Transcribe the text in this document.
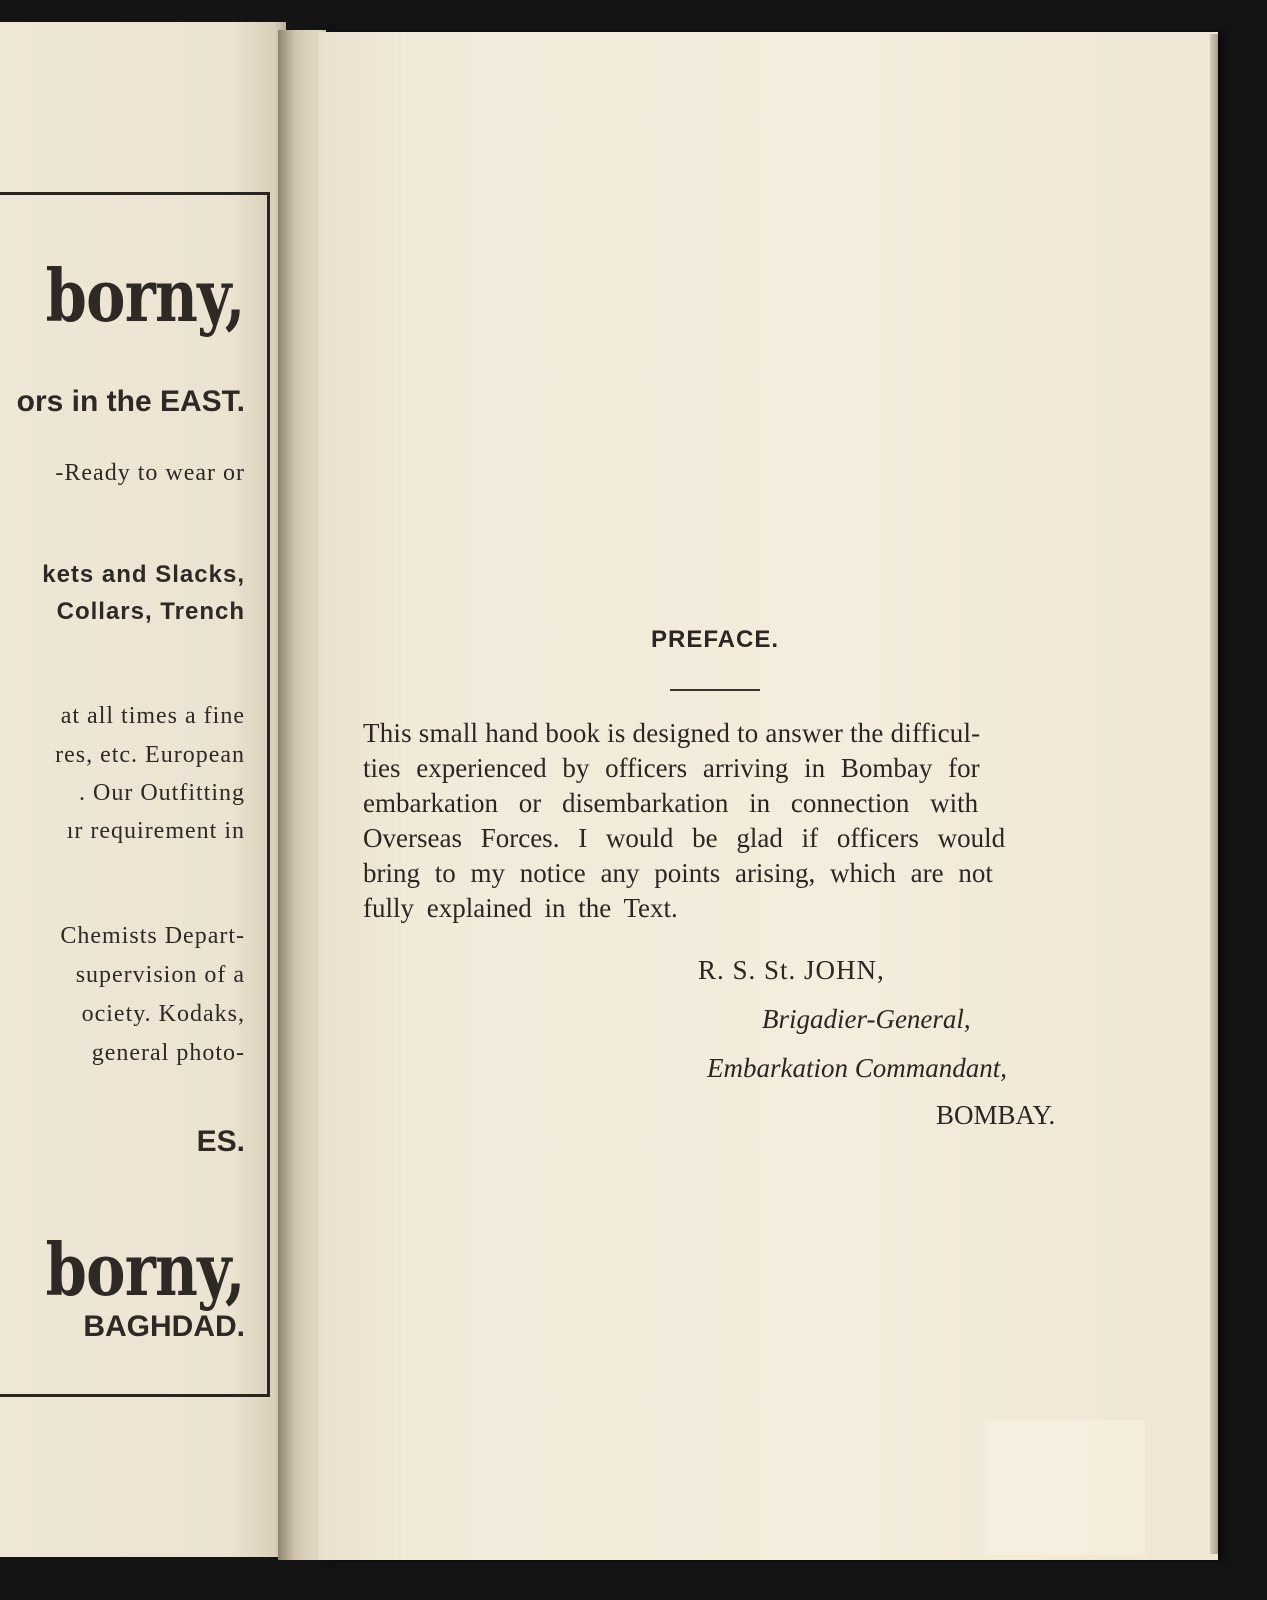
borny,
ors in the EAST.
-Ready to wear or
kets and Slacks,
Collars, Trench
at all times a fine
res, etc. European
. Our Outfitting
ır requirement in
Chemists Depart-
supervision of a
ociety. Kodaks,
general photo-
ES.
borny,
BAGHDAD.
PREFACE.
This small hand book is designed to answer the difficul-
ties experienced by officers arriving in Bombay for
embarkation or disembarkation in connection with
Overseas Forces. I would be glad if officers would
bring to my notice any points arising, which are not
fully explained in the Text.
R. S. St. JOHN,
Brigadier-General,
Embarkation Commandant,
BOMBAY.
